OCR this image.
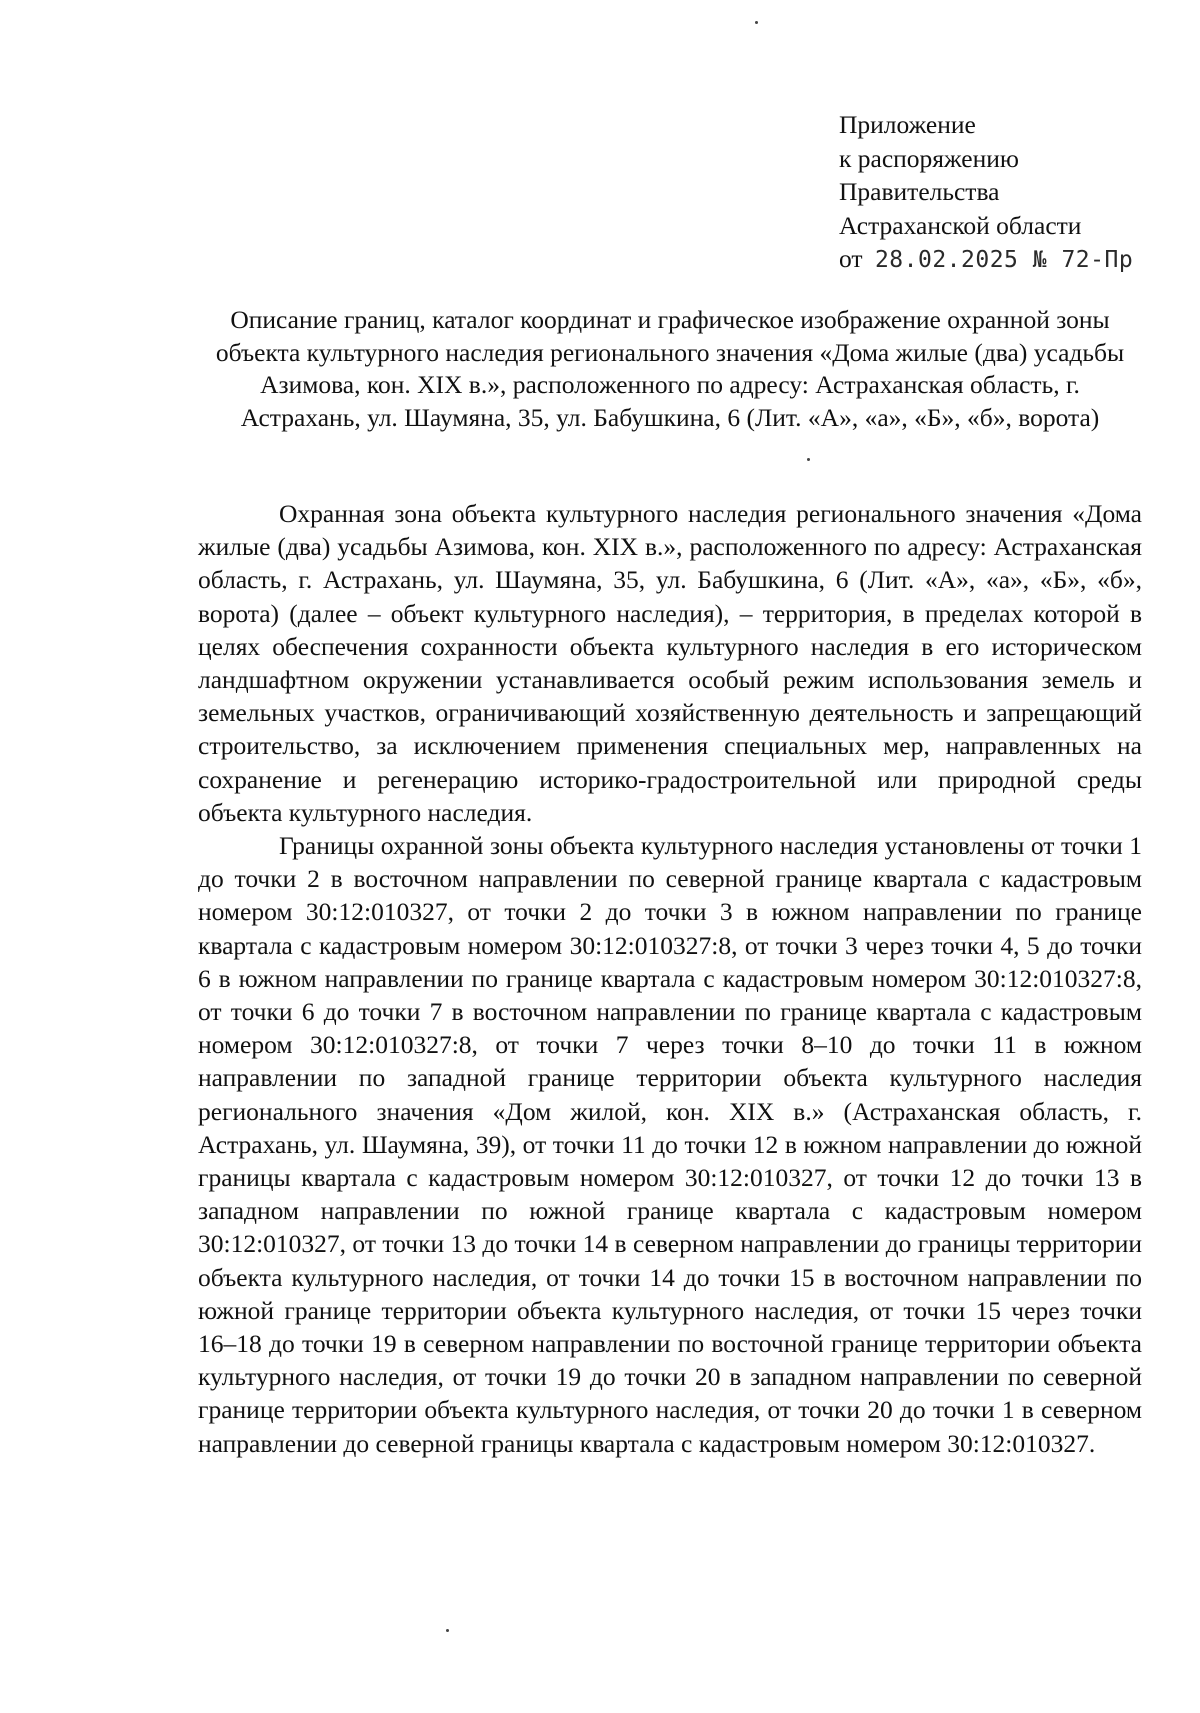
Приложение
к распоряжению
Правительства
Астраханской области
от 28.02.2025 № 72-Пр
Описание границ, каталог координат и графическое изображение охранной зоны объекта культурного наследия регионального значения «Дома жилые (два) усадьбы Азимова, кон. XIX в.», расположенного по адресу: Астраханская область, г. Астрахань, ул. Шаумяна, 35, ул. Бабушкина, 6 (Лит. «А», «а», «Б», «б», ворота)

Охранная зона объекта культурного наследия регионального значения «Дома жилые (два) усадьбы Азимова, кон. XIX в.», расположенного по адресу: Астраханская область, г. Астрахань, ул. Шаумяна, 35, ул. Бабушкина, 6 (Лит. «А», «а», «Б», «б», ворота) (далее – объект культурного наследия), – территория, в пределах которой в целях обеспечения сохранности объекта культурного наследия в его историческом ландшафтном окружении устанавливается особый режим использования земель и земельных участков, ограничивающий хозяйственную деятельность и запрещающий строительство, за исключением применения специальных мер, направленных на сохранение и регенерацию историко-градостроительной или природной среды объекта культурного наследия.

Границы охранной зоны объекта культурного наследия установлены от точки 1 до точки 2 в восточном направлении по северной границе квартала с кадастровым номером 30:12:010327, от точки 2 до точки 3 в южном направлении по границе квартала с кадастровым номером 30:12:010327:8, от точки 3 через точки 4, 5 до точки 6 в южном направлении по границе квартала с кадастровым номером 30:12:010327:8, от точки 6 до точки 7 в восточном направлении по границе квартала с кадастровым номером 30:12:010327:8, от точки 7 через точки 8–10 до точки 11 в южном направлении по западной границе территории объекта культурного наследия регионального значения «Дом жилой, кон. XIX в.» (Астраханская область, г. Астрахань, ул. Шаумяна, 39), от точки 11 до точки 12 в южном направлении до южной границы квартала с кадастровым номером 30:12:010327, от точки 12 до точки 13 в западном направлении по южной границе квартала с кадастровым номером 30:12:010327, от точки 13 до точки 14 в северном направлении до границы территории объекта культурного наследия, от точки 14 до точки 15 в восточном направлении по южной границе территории объекта культурного наследия, от точки 15 через точки 16–18 до точки 19 в северном направлении по восточной границе территории объекта культурного наследия, от точки 19 до точки 20 в западном направлении по северной границе территории объекта культурного наследия, от точки 20 до точки 1 в северном направлении до северной границы квартала с кадастровым номером 30:12:010327.
